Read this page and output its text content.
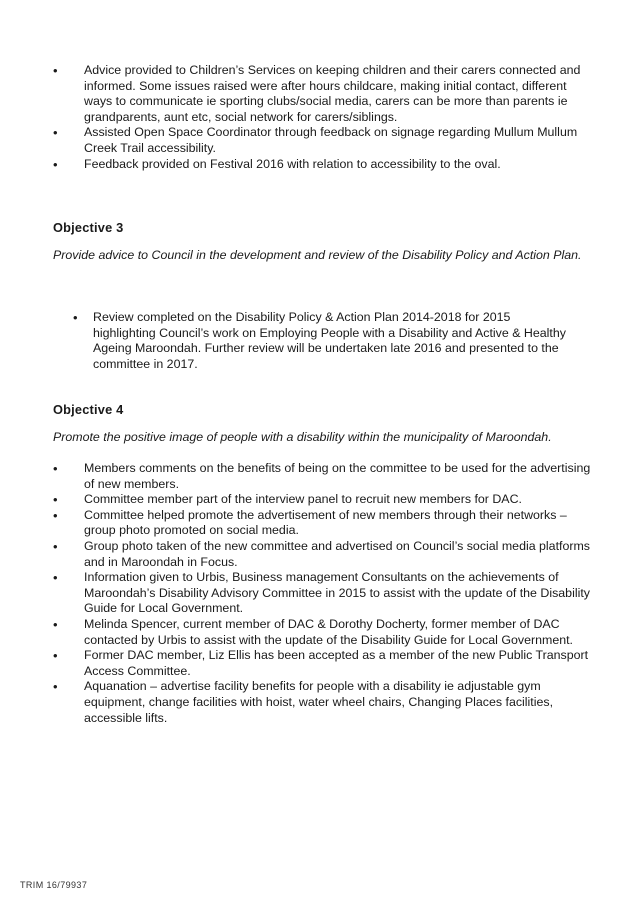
• Advice provided to Children’s Services on keeping children and their carers connected and informed. Some issues raised were after hours childcare, making initial contact, different ways to communicate ie sporting clubs/social media, carers can be more than parents ie grandparents, aunt etc, social network for carers/siblings.
• Assisted Open Space Coordinator through feedback on signage regarding Mullum Mullum Creek Trail accessibility.
• Feedback provided on Festival 2016 with relation to accessibility to the oval.
Objective 3
Provide advice to Council in the development and review of the Disability Policy and Action Plan.
• Review completed on the Disability Policy & Action Plan 2014-2018 for 2015 highlighting Council’s work on Employing People with a Disability and Active & Healthy Ageing Maroondah. Further review will be undertaken late 2016 and presented to the committee in 2017.
Objective 4
Promote the positive image of people with a disability within the municipality of Maroondah.
• Members comments on the benefits of being on the committee to be used for the advertising of new members.
• Committee member part of the interview panel to recruit new members for DAC.
• Committee helped promote the advertisement of new members through their networks – group photo promoted on social media.
• Group photo taken of the new committee and advertised on Council’s social media platforms and in Maroondah in Focus.
• Information given to Urbis, Business management Consultants on the achievements of Maroondah’s Disability Advisory Committee in 2015 to assist with the update of the Disability Guide for Local Government.
• Melinda Spencer, current member of DAC & Dorothy Docherty, former member of DAC contacted by Urbis to assist with the update of the Disability Guide for Local Government.
• Former DAC member, Liz Ellis has been accepted as a member of the new Public Transport Access Committee.
• Aquanation – advertise facility benefits for people with a disability ie adjustable gym equipment, change facilities with hoist, water wheel chairs, Changing Places facilities, accessible lifts.
TRIM 16/79937
